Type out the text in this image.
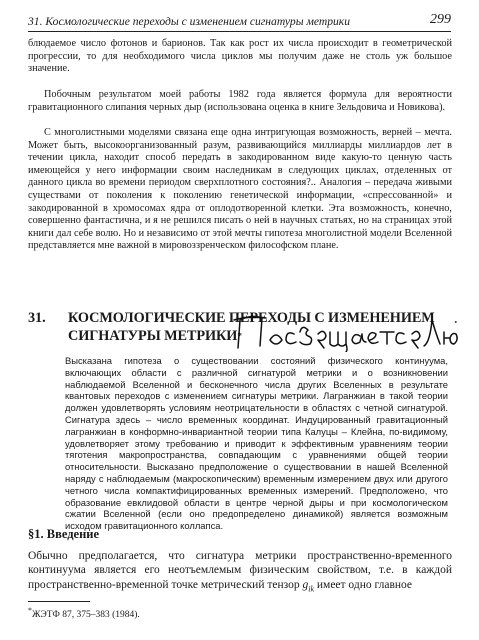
31. Космологические переходы с изменением сигнатуры метрики	299

блюдаемое число фотонов и барионов. Так как рост их числа происходит в геометрической прогрессии, то для необходимого числа циклов мы получим даже не столь уж большое значение.

Побочным результатом моей работы 1982 года является формула для вероятности гравитационного слипания черных дыр (использована оценка в книге Зельдовича и Новикова).

С многолистными моделями связана еще одна интригующая возможность, верней – мечта. Может быть, высокоорганизованный разум, развивающийся миллиарды миллиардов лет в течении цикла, находит способ передать в закодированном виде какую-то ценную часть имеющейся у него информации своим наследникам в следующих циклах, отделенных от данного цикла во времени периодом сверхплотного состояния?.. Аналогия – передача живыми существами от поколения к поколению генетической информации, «спрессованной» и закодированной в хромосомах ядра от оплодотворенной клетки. Эта возможность, конечно, совершенно фантастична, и я не решился писать о ней в научных статьях, но на страницах этой книги дал себе волю. Но и независимо от этой мечты гипотеза многолистной модели Вселенной представляется мне важной в мировоззренческом философском плане.

31. КОСМОЛОГИЧЕСКИЕ ПЕРЕХОДЫ С ИЗМЕНЕНИЕМ
СИГНАТУРЫ МЕТРИКИ*

Высказана гипотеза о существовании состояний физического континуума, включающих области с различной сигнатурой метрики и о возникновении наблюдаемой Вселенной и бесконечного числа других Вселенных в результате квантовых переходов с изменением сигнатуры метрики. Лагранжиан в такой теории должен удовлетворять условиям неотрицательности в областях с четной сигнатурой. Сигнатура здесь – число временных координат. Индуцированный гравитационный лагранжиан в конформно-инвариантной теории типа Калуцы – Клейна, по-видимому, удовлетворяет этому требованию и приводит к эффективным уравнениям теории тяготения макропространства, совпадающим с уравнениями общей теории относительности. Высказано предположение о существовании в нашей Вселенной наряду с наблюдаемым (макроскопическим) временным измерением двух или другого четного числа компактифицированных временных измерений. Предположено, что образование евклидовой области в центре черной дыры и при космологическом сжатии Вселенной (если оно предопределено динамикой) является возможным исходом гравитационного коллапса.

§1. Введение

Обычно предполагается, что сигнатура метрики пространственно-временного континуума является его неотъемлемым физическим свойством, т.е. в каждой пространственно-временной точке метрический тензор $g_{ik}$ имеет одно главное

*ЖЭТФ 87, 375–383 (1984).
